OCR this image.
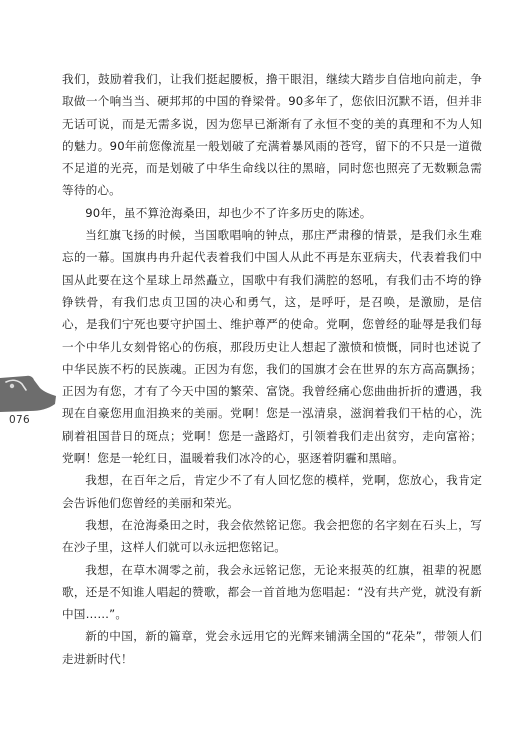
076

我们，鼓励着我们，让我们挺起腰板，撸干眼泪，继续大踏步自信地向前走，争取做一个响当当、硬邦邦的中国的脊梁骨。90多年了，您依旧沉默不语，但并非无话可说，而是无需多说，因为您早已渐渐有了永恒不变的美的真理和不为人知的魅力。90年前您像流星一般划破了充满着暴风雨的苍穹，留下的不只是一道微不足道的光亮，而是划破了中华生命线以往的黑暗，同时您也照亮了无数颗急需等待的心。

90年，虽不算沧海桑田，却也少不了许多历史的陈述。

当红旗飞扬的时候，当国歌唱响的钟点，那庄严肃穆的情景，是我们永生难忘的一幕。国旗冉冉升起代表着我们中国人从此不再是东亚病夫，代表着我们中国从此要在这个星球上昂然矗立，国歌中有我们满腔的怒吼，有我们击不垮的铮铮铁骨，有我们忠贞卫国的决心和勇气，这，是呼吁，是召唤，是激励，是信心，是我们宁死也要守护国土、维护尊严的使命。党啊，您曾经的耻辱是我们每一个中华儿女刻骨铭心的伤痕，那段历史让人想起了激愤和愤慨，同时也述说了中华民族不朽的民族魂。正因为有您，我们的国旗才会在世界的东方高高飘扬；正因为有您，才有了今天中国的繁荣、富饶。我曾经痛心您曲曲折折的遭遇，我现在自豪您用血泪换来的美丽。党啊！您是一泓清泉，滋润着我们干枯的心，洗刷着祖国昔日的斑点；党啊！您是一盏路灯，引领着我们走出贫穷，走向富裕；党啊！您是一轮红日，温暖着我们冰冷的心，驱逐着阴霾和黑暗。

我想，在百年之后，肯定少不了有人回忆您的模样，党啊，您放心，我肯定会告诉他们您曾经的美丽和荣光。

我想，在沧海桑田之时，我会依然铭记您。我会把您的名字刻在石头上，写在沙子里，这样人们就可以永远把您铭记。

我想，在草木凋零之前，我会永远铭记您，无论来报英的红旗，祖辈的祝愿歌，还是不知谁人唱起的赞歌，都会一首首地为您唱起：“没有共产党，就没有新中国……”。

新的中国，新的篇章，党会永远用它的光辉来铺满全国的“花朵”，带领人们走进新时代！
